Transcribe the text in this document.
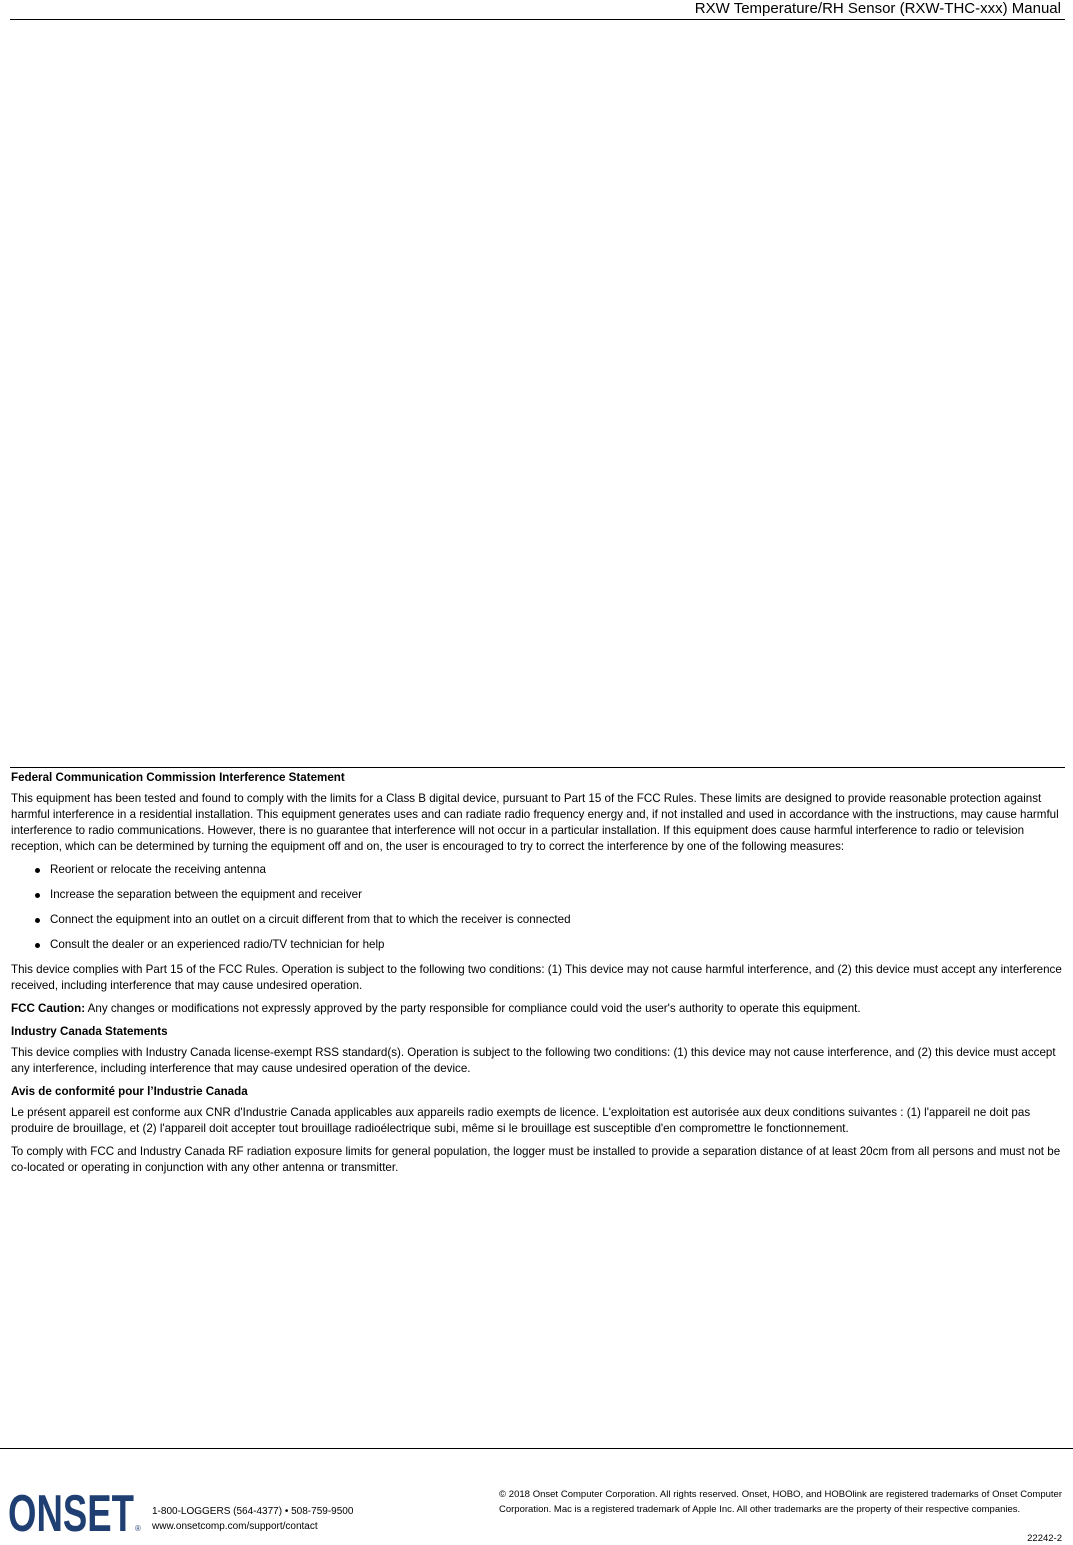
RXW Temperature/RH Sensor (RXW-THC-xxx) Manual
Federal Communication Commission Interference Statement

This equipment has been tested and found to comply with the limits for a Class B digital device, pursuant to Part 15 of the FCC Rules. These limits are designed to provide reasonable protection against harmful interference in a residential installation. This equipment generates uses and can radiate radio frequency energy and, if not installed and used in accordance with the instructions, may cause harmful interference to radio communications. However, there is no guarantee that interference will not occur in a particular installation. If this equipment does cause harmful interference to radio or television reception, which can be determined by turning the equipment off and on, the user is encouraged to try to correct the interference by one of the following measures:

Reorient or relocate the receiving antenna
Increase the separation between the equipment and receiver
Connect the equipment into an outlet on a circuit different from that to which the receiver is connected
Consult the dealer or an experienced radio/TV technician for help

This device complies with Part 15 of the FCC Rules. Operation is subject to the following two conditions: (1) This device may not cause harmful interference, and (2) this device must accept any interference received, including interference that may cause undesired operation.

FCC Caution: Any changes or modifications not expressly approved by the party responsible for compliance could void the user's authority to operate this equipment.

Industry Canada Statements

This device complies with Industry Canada license-exempt RSS standard(s). Operation is subject to the following two conditions: (1) this device may not cause interference, and (2) this device must accept any interference, including interference that may cause undesired operation of the device.

Avis de conformité pour l’Industrie Canada

Le présent appareil est conforme aux CNR d'Industrie Canada applicables aux appareils radio exempts de licence. L'exploitation est autorisée aux deux conditions suivantes : (1) l'appareil ne doit pas produire de brouillage, et (2) l'appareil doit accepter tout brouillage radioélectrique subi, même si le brouillage est susceptible d'en compromettre le fonctionnement.

To comply with FCC and Industry Canada RF radiation exposure limits for general population, the logger must be installed to provide a separation distance of at least 20cm from all persons and must not be co-located or operating in conjunction with any other antenna or transmitter.

ONSET ®
1-800-LOGGERS (564-4377) • 508-759-9500
www.onsetcomp.com/support/contact
© 2018 Onset Computer Corporation. All rights reserved. Onset, HOBO, and HOBOlink are registered trademarks of Onset Computer Corporation. Mac is a registered trademark of Apple Inc. All other trademarks are the property of their respective companies.
22242-2
